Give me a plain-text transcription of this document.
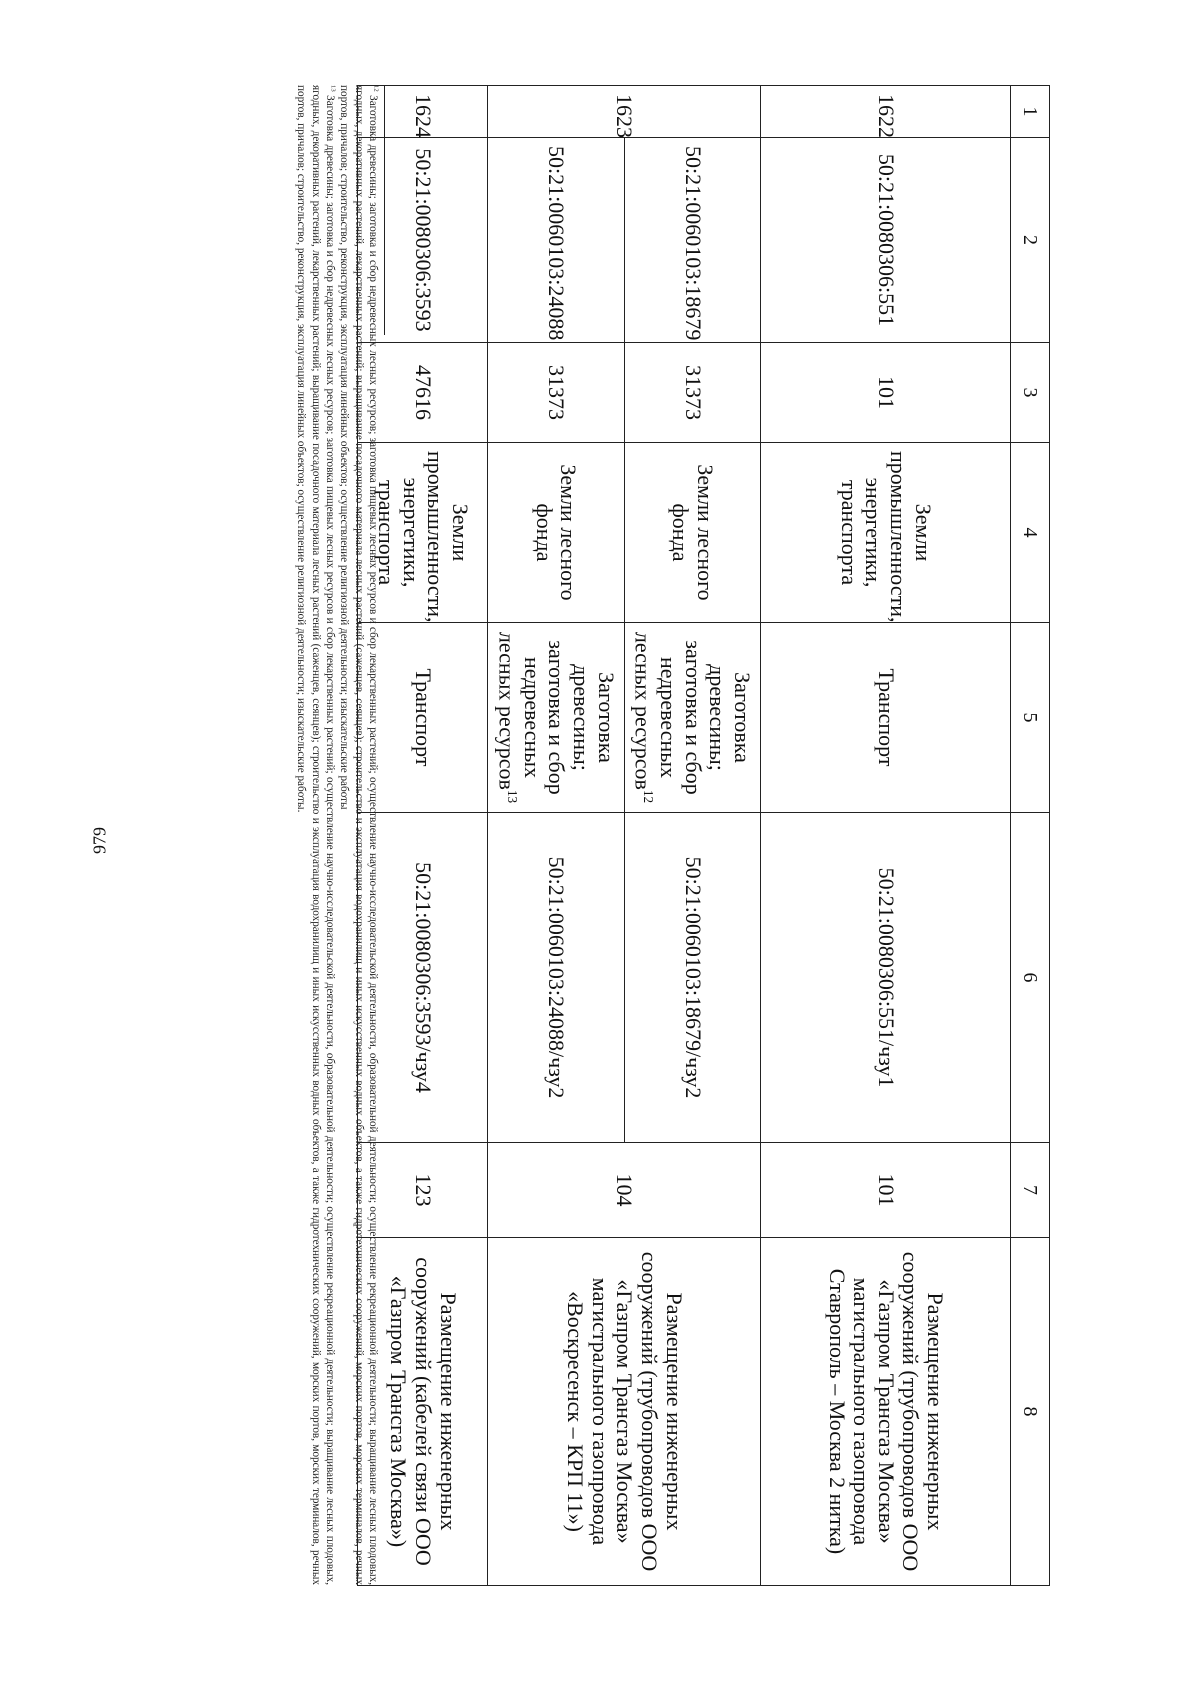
979
1	2	3	4	5	6	7	8
1622	50:21:0080306:551	101	Земли промышленности, энергетики, транспорта	Транспорт	50:21:0080306:551/чзу1	101	Размещение инженерных сооружений (трубопроводов ООО «Газпром Трансгаз Москва» магистрального газопровода Ставрополь – Москва 2 нитка)
1623	50:21:0060103:18679	31373	Земли лесного фонда	Заготовка древесины; заготовка и сбор недревесных лесных ресурсов$^{12}$	50:21:0060103:18679/чзу2	104	Размещение инженерных сооружений (трубопроводов ООО «Газпром Трансгаз Москва» магистрального газопровода «Воскресенск – КРП 11»)
	50:21:0060103:24088	31373	Земли лесного фонда	Заготовка древесины; заготовка и сбор недревесных лесных ресурсов$^{13}$	50:21:0060103:24088/чзу2		
1624	50:21:0080306:3593	47616	Земли промышленности, энергетики, транспорта	Транспорт	50:21:0080306:3593/чзу4	123	Размещение инженерных сооружений (кабелей связи ООО «Газпром Трансгаз Москва»)

$^{12}$ Заготовка древесины; заготовка и сбор недревесных лесных ресурсов; заготовка пищевых лесных ресурсов и сбор лекарственных растений; осуществление научно-исследовательской деятельности, образовательной деятельности; осуществление рекреационной деятельности; выращивание лесных плодовых, ягодных, декоративных растений, лекарственных растений; выращивание посадочного материала лесных растений (саженцев, сеянцев); строительство и эксплуатация водохранилищ и иных искусственных водных объектов, а также гидротехнических сооружений, морских портов, морских терминалов, речных портов, причалов; строительство, реконструкция, эксплуатация линейных объектов; осуществление религиозной деятельности; изыскательские работы

$^{13}$ Заготовка древесины; заготовка и сбор недревесных лесных ресурсов; заготовка пищевых лесных ресурсов и сбор лекарственных растений; осуществление научно-исследовательской деятельности, образовательной деятельности; осуществление рекреационной деятельности; выращивание лесных плодовых, ягодных, декоративных растений, лекарственных растений; выращивание посадочного материала лесных растений (саженцев, сеянцев); строительство и эксплуатация водохранилищ и иных искусственных водных объектов, а также гидротехнических сооружений, морских портов, морских терминалов, речных портов, причалов; строительство, реконструкция, эксплуатация линейных объектов; осуществление религиозной деятельности; изыскательские работы.
